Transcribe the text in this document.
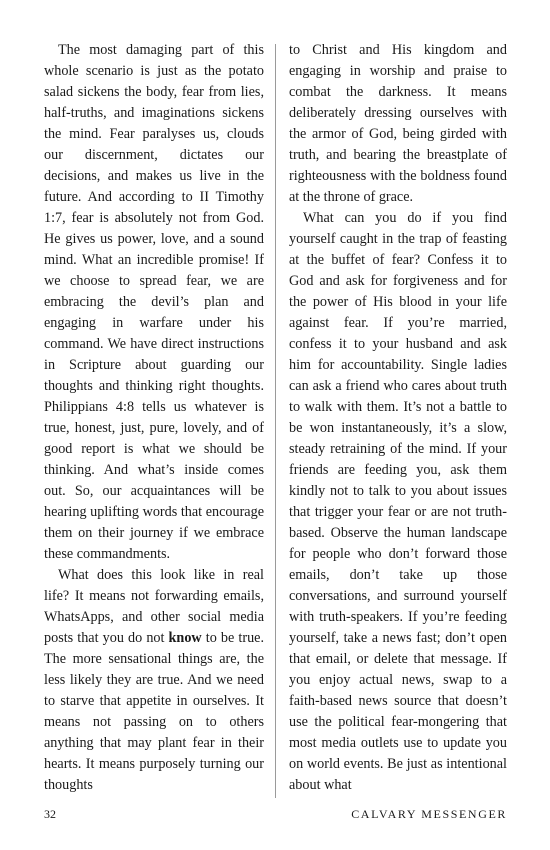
The most damaging part of this whole scenario is just as the potato salad sickens the body, fear from lies, half-truths, and imaginations sickens the mind. Fear paralyses us, clouds our discernment, dictates our decisions, and makes us live in the future. And according to II Timothy 1:7, fear is absolutely not from God. He gives us power, love, and a sound mind. What an incredible promise! If we choose to spread fear, we are embracing the devil’s plan and engaging in warfare under his command. We have direct instructions in Scripture about guarding our thoughts and thinking right thoughts. Philippians 4:8 tells us whatever is true, honest, just, pure, lovely, and of good report is what we should be thinking. And what’s inside comes out. So, our acquaintances will be hearing uplifting words that encourage them on their journey if we embrace these commandments.

What does this look like in real life? It means not forwarding emails, WhatsApps, and other social media posts that you do not know to be true. The more sensational things are, the less likely they are true. And we need to starve that appetite in ourselves. It means not passing on to others anything that may plant fear in their hearts. It means purposely turning our thoughts

to Christ and His kingdom and engaging in worship and praise to combat the darkness. It means deliberately dressing ourselves with the armor of God, being girded with truth, and bearing the breastplate of righteousness with the boldness found at the throne of grace.

What can you do if you find yourself caught in the trap of feasting at the buffet of fear? Confess it to God and ask for forgiveness and for the power of His blood in your life against fear. If you’re married, confess it to your husband and ask him for accountability. Single ladies can ask a friend who cares about truth to walk with them. It’s not a battle to be won instantaneously, it’s a slow, steady retraining of the mind. If your friends are feeding you, ask them kindly not to talk to you about issues that trigger your fear or are not truth-based. Observe the human landscape for people who don’t forward those emails, don’t take up those conversations, and surround yourself with truth-speakers. If you’re feeding yourself, take a news fast; don’t open that email, or delete that message. If you enjoy actual news, swap to a faith-based news source that doesn’t use the political fear-mongering that most media outlets use to update you on world events. Be just as intentional about what

32	CALVARY MESSENGER
